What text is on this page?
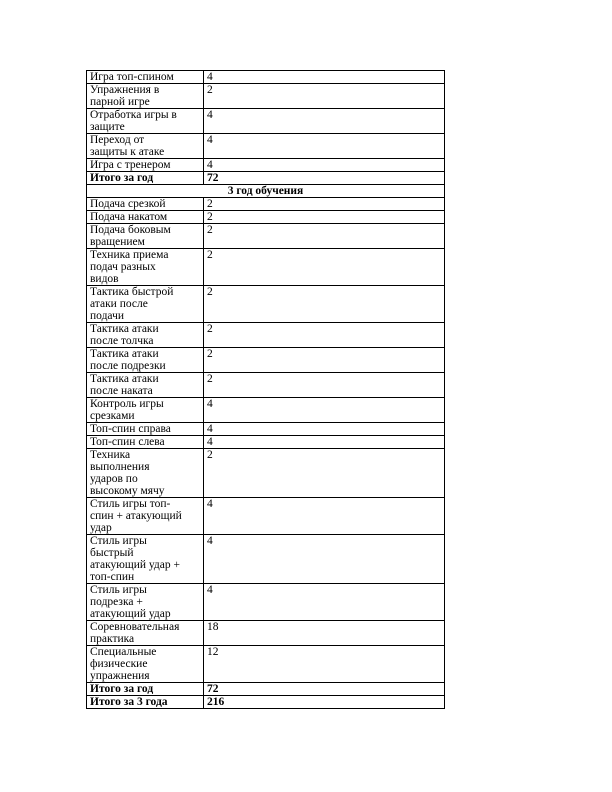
Игра топ-спином	4

Упражнения в
парной игре	2

Отработка игры в
защите	4

Переход от
защиты к атаке	4

Игра с тренером	4

Итого за год	72

3 год обучения	

Подача срезкой	2

Подача накатом	2

Подача боковым
вращением	2

Техника приема
подач разных
видов	2

Тактика быстрой
атаки после
подачи	2

Тактика атаки
после толчка	2

Тактика атаки
после подрезки	2

Тактика атаки
после наката	2

Контроль игры
срезками	4

Топ-спин справа	4

Топ-спин слева	4

Техника
выполнения
ударов по
высокому мячу	2

Стиль игры топ-
спин + атакующий
удар	4

Стиль игры
быстрый
атакующий удар +
топ-спин	4

Стиль игры
подрезка +
атакующий удар	4

Соревновательная
практика	18

Специальные
физические
упражнения	12

Итого за год	72

Итого за 3 года	216
